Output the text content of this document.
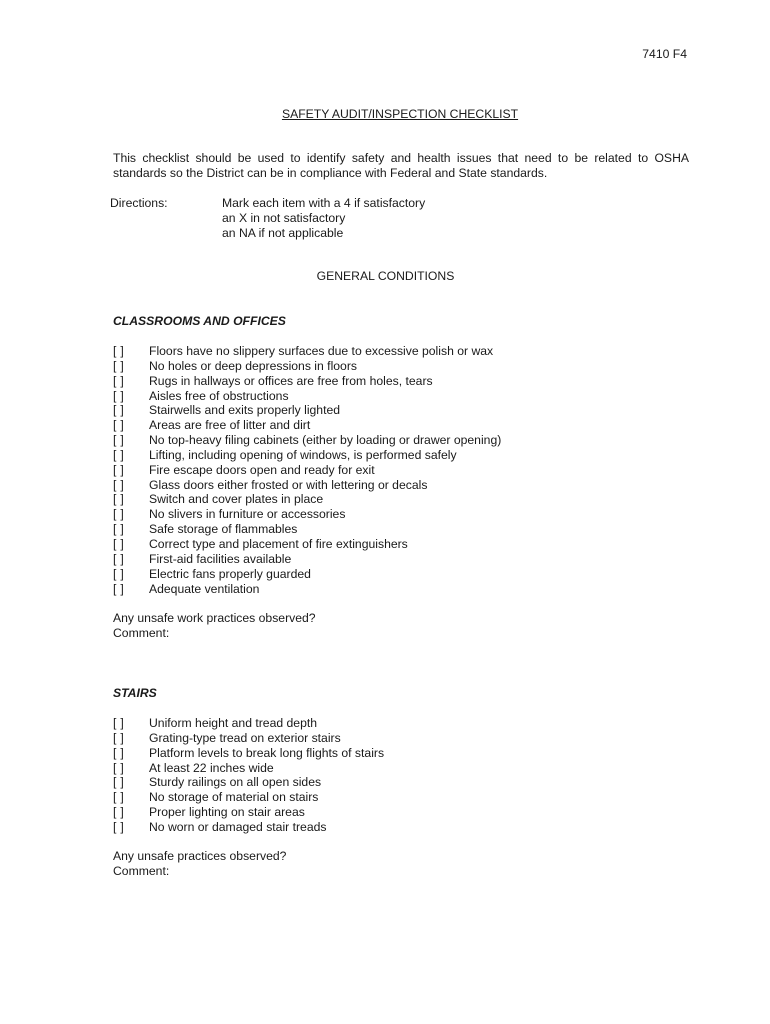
7410 F4
SAFETY AUDIT/INSPECTION CHECKLIST
This checklist should be used to identify safety and health issues that need to be related to OSHA standards so the District can be in compliance with Federal and State standards.
Directions:	Mark each item with a 4 if satisfactory
an X in not satisfactory
an NA if not applicable
GENERAL CONDITIONS
CLASSROOMS AND OFFICES
[ ]	Floors have no slippery surfaces due to excessive polish or wax
[ ]	No holes or deep depressions in floors
[ ]	Rugs in hallways or offices are free from holes, tears
[ ]	Aisles free of obstructions
[ ]	Stairwells and exits properly lighted
[ ]	Areas are free of litter and dirt
[ ]	No top-heavy filing cabinets (either by loading or drawer opening)
[ ]	Lifting, including opening of windows, is performed safely
[ ]	Fire escape doors open and ready for exit
[ ]	Glass doors either frosted or with lettering or decals
[ ]	Switch and cover plates in place
[ ]	No slivers in furniture or accessories
[ ]	Safe storage of flammables
[ ]	Correct type and placement of fire extinguishers
[ ]	First-aid facilities available
[ ]	Electric fans properly guarded
[ ]	Adequate ventilation
Any unsafe work practices observed?
Comment:
STAIRS
[ ]	Uniform height and tread depth
[ ]	Grating-type tread on exterior stairs
[ ]	Platform levels to break long flights of stairs
[ ]	At least 22 inches wide
[ ]	Sturdy railings on all open sides
[ ]	No storage of material on stairs
[ ]	Proper lighting on stair areas
[ ]	No worn or damaged stair treads
Any unsafe practices observed?
Comment:
